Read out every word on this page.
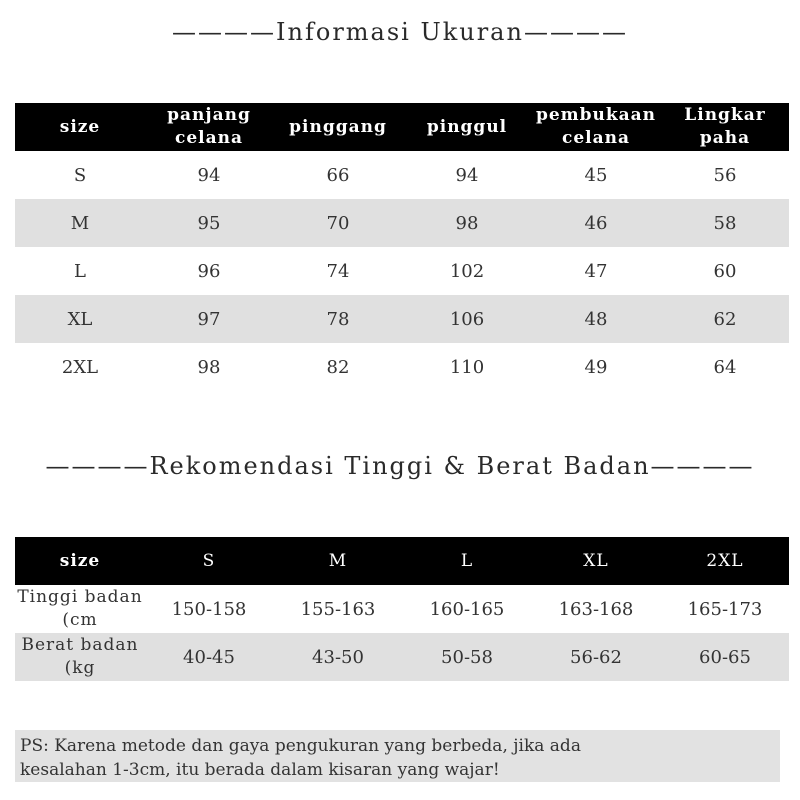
————Informasi Ukuran————
size	panjang celana	pinggang	pinggul	pembukaan celana	Lingkar paha
S	94	66	94	45	56
M	95	70	98	46	58
L	96	74	102	47	60
XL	97	78	106	48	62
2XL	98	82	110	49	64
————Rekomendasi Tinggi & Berat Badan————
size	S	M	L	XL	2XL
Tinggi badan (cm	150-158	155-163	160-165	163-168	165-173
Berat badan (kg	40-45	43-50	50-58	56-62	60-65
PS: Karena metode dan gaya pengukuran yang berbeda, jika ada
kesalahan 1-3cm, itu berada dalam kisaran yang wajar!
